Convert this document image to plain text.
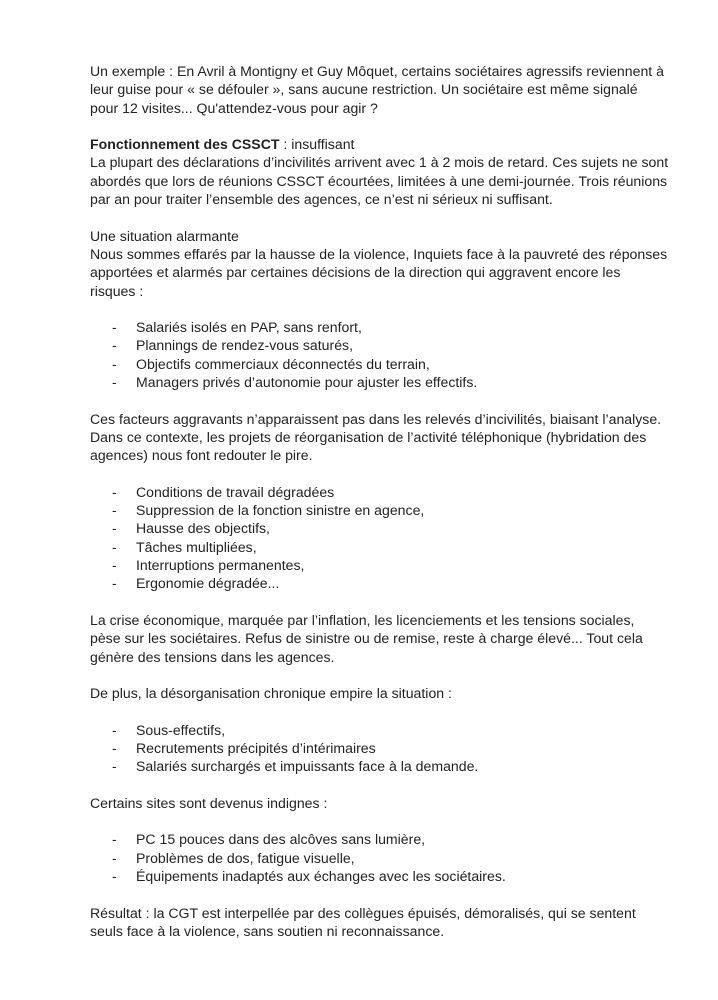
Un exemple : En Avril à Montigny et Guy Môquet, certains sociétaires agressifs reviennent à
leur guise pour « se défouler », sans aucune restriction. Un sociétaire est même signalé
pour 12 visites... Qu'attendez-vous pour agir ?

Fonctionnement des CSSCT : insuffisant
La plupart des déclarations d’incivilités arrivent avec 1 à 2 mois de retard. Ces sujets ne sont
abordés que lors de réunions CSSCT écourtées, limitées à une demi-journée. Trois réunions
par an pour traiter l’ensemble des agences, ce n’est ni sérieux ni suffisant.

Une situation alarmante
Nous sommes effarés par la hausse de la violence, Inquiets face à la pauvreté des réponses
apportées et alarmés par certaines décisions de la direction qui aggravent encore les
risques :

- Salariés isolés en PAP, sans renfort,
- Plannings de rendez-vous saturés,
- Objectifs commerciaux déconnectés du terrain,
- Managers privés d’autonomie pour ajuster les effectifs.

Ces facteurs aggravants n’apparaissent pas dans les relevés d’incivilités, biaisant l’analyse.
Dans ce contexte, les projets de réorganisation de l’activité téléphonique (hybridation des
agences) nous font redouter le pire.

- Conditions de travail dégradées
- Suppression de la fonction sinistre en agence,
- Hausse des objectifs,
- Tâches multipliées,
- Interruptions permanentes,
- Ergonomie dégradée...

La crise économique, marquée par l’inflation, les licenciements et les tensions sociales,
pèse sur les sociétaires. Refus de sinistre ou de remise, reste à charge élevé... Tout cela
génère des tensions dans les agences.

De plus, la désorganisation chronique empire la situation :

- Sous-effectifs,
- Recrutements précipités d’intérimaires
- Salariés surchargés et impuissants face à la demande.

Certains sites sont devenus indignes :

- PC 15 pouces dans des alcôves sans lumière,
- Problèmes de dos, fatigue visuelle,
- Équipements inadaptés aux échanges avec les sociétaires.

Résultat : la CGT est interpellée par des collègues épuisés, démoralisés, qui se sentent
seuls face à la violence, sans soutien ni reconnaissance.
